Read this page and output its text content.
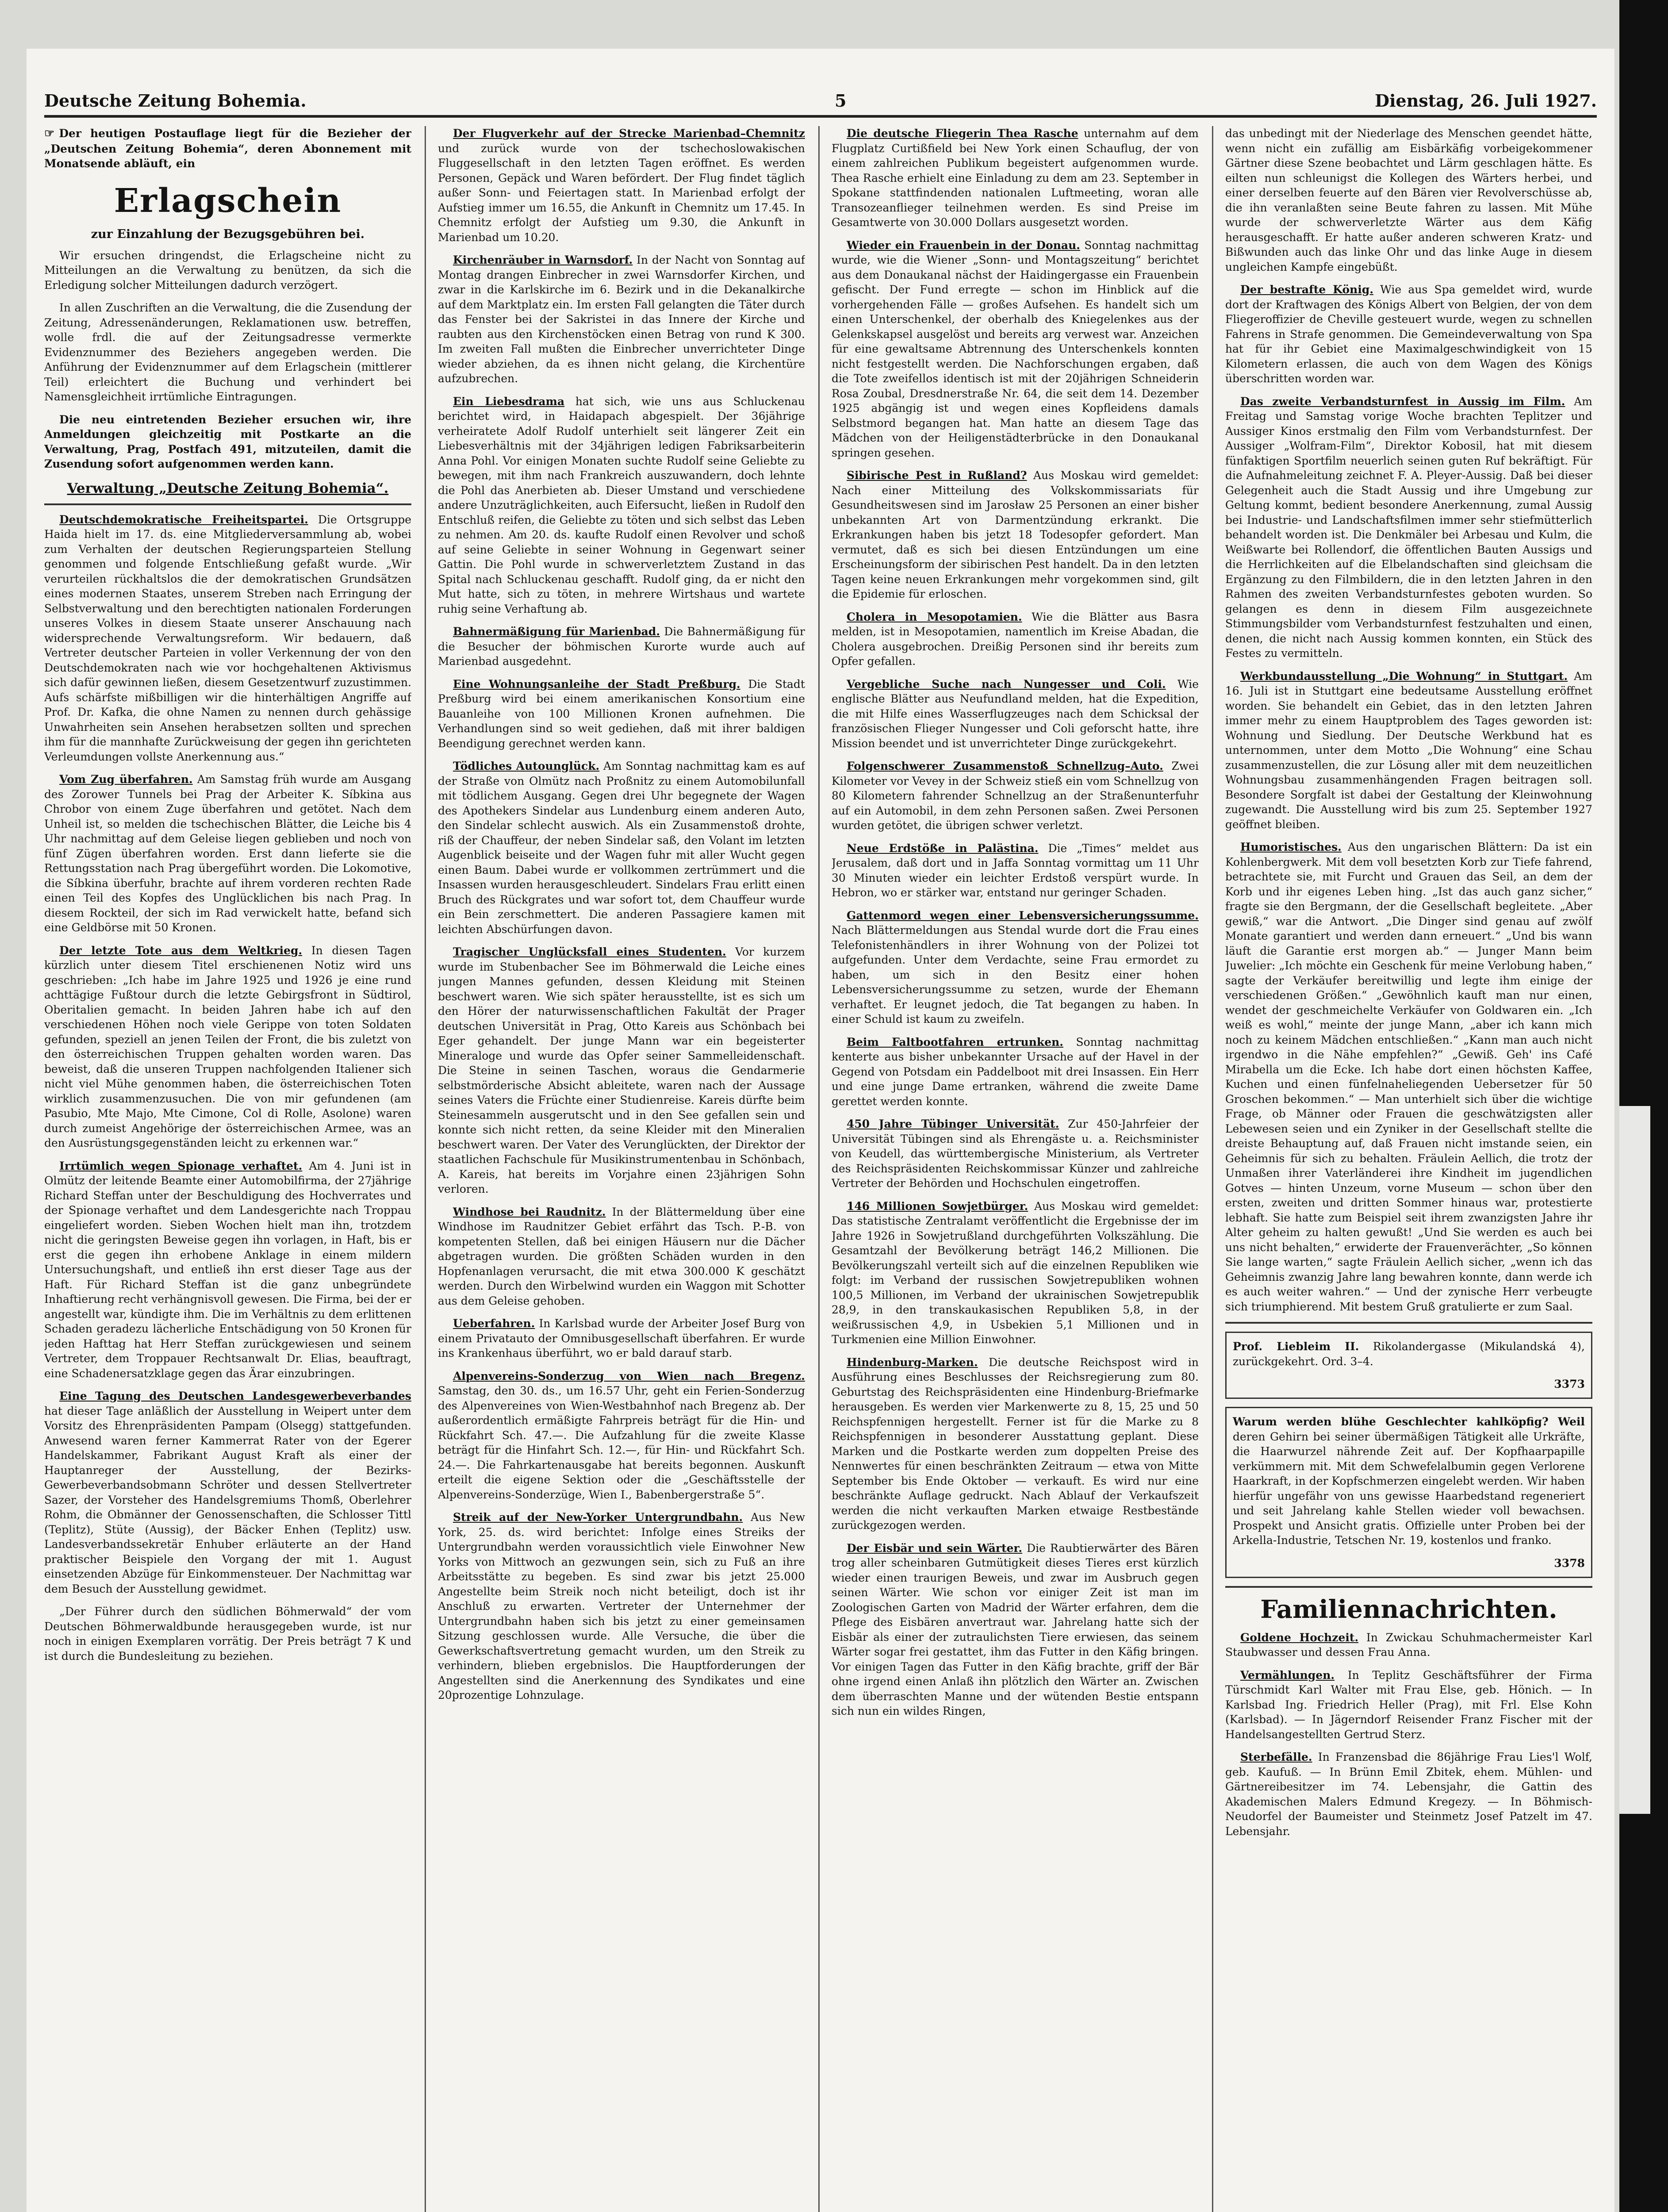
Deutsche Zeitung Bohemia.	5	Dienstag, 26. Juli 1927.

☞ Der heutigen Postauflage liegt für die Bezieher der „Deutschen Zeitung Bohemia“, deren Abonnement mit Monatsende abläuft, ein

Erlagschein
zur Einzahlung der Bezugsgebühren bei.

Wir ersuchen dringendst, die Erlagscheine nicht zu Mitteilungen an die Verwaltung zu benützen, da sich die Erledigung solcher Mitteilungen dadurch verzögert.

In allen Zuschriften an die Verwaltung, die die Zusendung der Zeitung, Adressenänderungen, Reklamationen usw. betreffen, wolle frdl. die auf der Zeitungsadresse vermerkte Evidenznummer des Beziehers angegeben werden. Die Anführung der Evidenznummer auf dem Erlagschein (mittlerer Teil) erleichtert die Buchung und verhindert bei Namensgleichheit irrtümliche Eintragungen.

Die neu eintretenden Bezieher ersuchen wir, ihre Anmeldungen gleichzeitig mit Postkarte an die Verwaltung, Prag, Postfach 491, mitzuteilen, damit die Zusendung sofort aufgenommen werden kann.

Verwaltung „Deutsche Zeitung Bohemia“.

Deutschdemokratische Freiheitspartei. Die Ortsgruppe Haida hielt im 17. ds. eine Mitgliederversammlung ab, wobei zum Verhalten der deutschen Regierungsparteien Stellung genommen und folgende Entschließung gefaßt wurde. „Wir verurteilen rückhaltslos die der demokratischen Grundsätzen eines modernen Staates, unserem Streben nach Erringung der Selbstverwaltung und den berechtigten nationalen Forderungen unseres Volkes in diesem Staate unserer Anschauung nach widersprechende Verwaltungsreform. Wir bedauern, daß Vertreter deutscher Parteien in voller Verkennung der von den Deutschdemokraten nach wie vor hochgehaltenen Aktivismus sich dafür gewinnen ließen, diesem Gesetzentwurf zuzustimmen. Aufs schärfste mißbilligen wir die hinterhältigen Angriffe auf Prof. Dr. Kafka, die ohne Namen zu nennen durch gehässige Unwahrheiten sein Ansehen herabsetzen sollten und sprechen ihm für die mannhafte Zurückweisung der gegen ihn gerichteten Verleumdungen vollste Anerkennung aus.“

Vom Zug überfahren. Am Samstag früh wurde am Ausgang des Zorower Tunnels bei Prag der Arbeiter K. Síbkina aus Chrobor von einem Zuge überfahren und getötet. Nach dem Unheil ist, so melden die tschechischen Blätter, die Leiche bis 4 Uhr nachmittag auf dem Geleise liegen geblieben und noch von fünf Zügen überfahren worden. Erst dann lieferte sie die Rettungsstation nach Prag übergeführt worden. Die Lokomotive, die Síbkina überfuhr, brachte auf ihrem vorderen rechten Rade einen Teil des Kopfes des Unglücklichen bis nach Prag. In diesem Rockteil, der sich im Rad verwickelt hatte, befand sich eine Geldbörse mit 50 Kronen.

Der letzte Tote aus dem Weltkrieg. In diesen Tagen kürzlich unter diesem Titel erschienenen Notiz wird uns geschrieben: „Ich habe im Jahre 1925 und 1926 je eine rund achttägige Fußtour durch die letzte Gebirgsfront in Südtirol, Oberitalien gemacht. In beiden Jahren habe ich auf den verschiedenen Höhen noch viele Gerippe von toten Soldaten gefunden, speziell an jenen Teilen der Front, die bis zuletzt von den österreichischen Truppen gehalten worden waren. Das beweist, daß die unseren Truppen nachfolgenden Italiener sich nicht viel Mühe genommen haben, die österreichischen Toten wirklich zusammenzusuchen. Die von mir gefundenen (am Pasubio, Mte Majo, Mte Cimone, Col di Rolle, Asolone) waren durch zumeist Angehörige der österreichischen Armee, was an den Ausrüstungsgegenständen leicht zu erkennen war.“

Irrtümlich wegen Spionage verhaftet. Am 4. Juni ist in Olmütz der leitende Beamte einer Automobilfirma, der 27jährige Richard Steffan unter der Beschuldigung des Hochverrates und der Spionage verhaftet und dem Landesgerichte nach Troppau eingeliefert worden. Sieben Wochen hielt man ihn, trotzdem nicht die geringsten Beweise gegen ihn vorlagen, in Haft, bis er erst die gegen ihn erhobene Anklage in einem mildern Untersuchungshaft, und entließ ihn erst dieser Tage aus der Haft. Für Richard Steffan ist die ganz unbegründete Inhaftierung recht verhängnisvoll gewesen. Die Firma, bei der er angestellt war, kündigte ihm. Die im Verhältnis zu dem erlittenen Schaden geradezu lächerliche Entschädigung von 50 Kronen für jeden Hafttag hat Herr Steffan zurückgewiesen und seinem Vertreter, dem Troppauer Rechtsanwalt Dr. Elias, beauftragt, eine Schadenersatzklage gegen das Ärar einzubringen.

Eine Tagung des Deutschen Landesgewerbeverbandes hat dieser Tage anläßlich der Ausstellung in Weipert unter dem Vorsitz des Ehrenpräsidenten Pampam (Olsegg) stattgefunden. Anwesend waren ferner Kammerrat Rater von der Egerer Handelskammer, Fabrikant August Kraft als einer der Hauptanreger der Ausstellung, der Bezirks-Gewerbeverbandsobmann Schröter und dessen Stellvertreter Sazer, der Vorsteher des Handelsgremiums Thomß, Oberlehrer Rohm, die Obmänner der Genossenschaften, die Schlosser Tittl (Teplitz), Stüte (Aussig), der Bäcker Enhen (Teplitz) usw. Landesverbandssekretär Enhuber erläuterte an der Hand praktischer Beispiele den Vorgang der mit 1. August einsetzenden Abzüge für Einkommensteuer. Der Nachmittag war dem Besuch der Ausstellung gewidmet.

„Der Führer durch den südlichen Böhmerwald“ der vom Deutschen Böhmerwaldbunde herausgegeben wurde, ist nur noch in einigen Exemplaren vorrätig. Der Preis beträgt 7 K und ist durch die Bundesleitung zu beziehen.

Der Flugverkehr auf der Strecke Marienbad–Chemnitz und zurück wurde von der tschechoslowakischen Fluggesellschaft in den letzten Tagen eröffnet. Es werden Personen, Gepäck und Waren befördert. Der Flug findet täglich außer Sonn- und Feiertagen statt. In Marienbad erfolgt der Aufstieg immer um 16.55, die Ankunft in Chemnitz um 17.45. In Chemnitz erfolgt der Aufstieg um 9.30, die Ankunft in Marienbad um 10.20.

Kirchenräuber in Warnsdorf. In der Nacht von Sonntag auf Montag drangen Einbrecher in zwei Warnsdorfer Kirchen, und zwar in die Karlskirche im 6. Bezirk und in die Dekanalkirche auf dem Marktplatz ein. Im ersten Fall gelangten die Täter durch das Fenster bei der Sakristei in das Innere der Kirche und raubten aus den Kirchenstöcken einen Betrag von rund K 300. Im zweiten Fall mußten die Einbrecher unverrichteter Dinge wieder abziehen, da es ihnen nicht gelang, die Kirchentüre aufzubrechen.

Ein Liebesdrama hat sich, wie uns aus Schluckenau berichtet wird, in Haidapach abgespielt. Der 36jährige verheiratete Adolf Rudolf unterhielt seit längerer Zeit ein Liebesverhältnis mit der 34jährigen ledigen Fabriksarbeiterin Anna Pohl. Vor einigen Monaten suchte Rudolf seine Geliebte zu bewegen, mit ihm nach Frankreich auszuwandern, doch lehnte die Pohl das Anerbieten ab. Dieser Umstand und verschiedene andere Unzuträglichkeiten, auch Eifersucht, ließen in Rudolf den Entschluß reifen, die Geliebte zu töten und sich selbst das Leben zu nehmen. Am 20. ds. kaufte Rudolf einen Revolver und schoß auf seine Geliebte in seiner Wohnung in Gegenwart seiner Gattin. Die Pohl wurde in schwerverletztem Zustand in das Spital nach Schluckenau geschafft. Rudolf ging, da er nicht den Mut hatte, sich zu töten, in mehrere Wirtshaus und wartete ruhig seine Verhaftung ab.

Bahnermäßigung für Marienbad. Die Bahnermäßigung für die Besucher der böhmischen Kurorte wurde auch auf Marienbad ausgedehnt.

Eine Wohnungsanleihe der Stadt Preßburg. Die Stadt Preßburg wird bei einem amerikanischen Konsortium eine Bauanleihe von 100 Millionen Kronen aufnehmen. Die Verhandlungen sind so weit gediehen, daß mit ihrer baldigen Beendigung gerechnet werden kann.

Tödliches Autounglück. Am Sonntag nachmittag kam es auf der Straße von Olmütz nach Proßnitz zu einem Automobilunfall mit tödlichem Ausgang. Gegen drei Uhr begegnete der Wagen des Apothekers Sindelar aus Lundenburg einem anderen Auto, den Sindelar schlecht auswich. Als ein Zusammenstoß drohte, riß der Chauffeur, der neben Sindelar saß, den Volant im letzten Augenblick beiseite und der Wagen fuhr mit aller Wucht gegen einen Baum. Dabei wurde er vollkommen zertrümmert und die Insassen wurden herausgeschleudert. Sindelars Frau erlitt einen Bruch des Rückgrates und war sofort tot, dem Chauffeur wurde ein Bein zerschmettert. Die anderen Passagiere kamen mit leichten Abschürfungen davon.

Tragischer Unglücksfall eines Studenten. Vor kurzem wurde im Stubenbacher See im Böhmerwald die Leiche eines jungen Mannes gefunden, dessen Kleidung mit Steinen beschwert waren. Wie sich später herausstellte, ist es sich um den Hörer der naturwissenschaftlichen Fakultät der Prager deutschen Universität in Prag, Otto Kareis aus Schönbach bei Eger gehandelt. Der junge Mann war ein begeisterter Mineraloge und wurde das Opfer seiner Sammelleidenschaft. Die Steine in seinen Taschen, woraus die Gendarmerie selbstmörderische Absicht ableitete, waren nach der Aussage seines Vaters die Früchte einer Studienreise. Kareis dürfte beim Steinesammeln ausgerutscht und in den See gefallen sein und konnte sich nicht retten, da seine Kleider mit den Mineralien beschwert waren. Der Vater des Verunglückten, der Direktor der staatlichen Fachschule für Musikinstrumentenbau in Schönbach, A. Kareis, hat bereits im Vorjahre einen 23jährigen Sohn verloren.

Windhose bei Raudnitz. In der Blättermeldung über eine Windhose im Raudnitzer Gebiet erfährt das Tsch. P.-B. von kompetenten Stellen, daß bei einigen Häusern nur die Dächer abgetragen wurden. Die größten Schäden wurden in den Hopfenanlagen verursacht, die mit etwa 300.000 K geschätzt werden. Durch den Wirbelwind wurden ein Waggon mit Schotter aus dem Geleise gehoben.

Ueberfahren. In Karlsbad wurde der Arbeiter Josef Burg von einem Privatauto der Omnibusgesellschaft überfahren. Er wurde ins Krankenhaus überführt, wo er bald darauf starb.

Alpenvereins-Sonderzug von Wien nach Bregenz. Samstag, den 30. ds., um 16.57 Uhr, geht ein Ferien-Sonderzug des Alpenvereines von Wien-Westbahnhof nach Bregenz ab. Der außerordentlich ermäßigte Fahrpreis beträgt für die Hin- und Rückfahrt Sch. 47.—. Die Aufzahlung für die zweite Klasse beträgt für die Hinfahrt Sch. 12.—, für Hin- und Rückfahrt Sch. 24.—. Die Fahrkartenausgabe hat bereits begonnen. Auskunft erteilt die eigene Sektion oder die „Geschäftsstelle der Alpenvereins-Sonderzüge, Wien I., Babenbergerstraße 5“.

Streik auf der New-Yorker Untergrundbahn. Aus New York, 25. ds. wird berichtet: Infolge eines Streiks der Untergrundbahn werden voraussichtlich viele Einwohner New Yorks von Mittwoch an gezwungen sein, sich zu Fuß an ihre Arbeitsstätte zu begeben. Es sind zwar bis jetzt 25.000 Angestellte beim Streik noch nicht beteiligt, doch ist ihr Anschluß zu erwarten. Vertreter der Unternehmer der Untergrundbahn haben sich bis jetzt zu einer gemeinsamen Sitzung geschlossen wurde. Alle Versuche, die über die Gewerkschaftsvertretung gemacht wurden, um den Streik zu verhindern, blieben ergebnislos. Die Hauptforderungen der Angestellten sind die Anerkennung des Syndikates und eine 20prozentige Lohnzulage.

Die deutsche Fliegerin Thea Rasche unternahm auf dem Flugplatz Curtißfield bei New York einen Schauflug, der von einem zahlreichen Publikum begeistert aufgenommen wurde. Thea Rasche erhielt eine Einladung zu dem am 23. September in Spokane stattfindenden nationalen Luftmeeting, woran alle Transozeanflieger teilnehmen werden. Es sind Preise im Gesamtwerte von 30.000 Dollars ausgesetzt worden.

Wieder ein Frauenbein in der Donau. Sonntag nachmittag wurde, wie die Wiener „Sonn- und Montagszeitung“ berichtet aus dem Donaukanal nächst der Haidingergasse ein Frauenbein gefischt. Der Fund erregte — schon im Hinblick auf die vorhergehenden Fälle — großes Aufsehen. Es handelt sich um einen Unterschenkel, der oberhalb des Kniegelenkes aus der Gelenkskapsel ausgelöst und bereits arg verwest war. Anzeichen für eine gewaltsame Abtrennung des Unterschenkels konnten nicht festgestellt werden. Die Nachforschungen ergaben, daß die Tote zweifellos identisch ist mit der 20jährigen Schneiderin Rosa Zoubal, Dresdnerstraße Nr. 64, die seit dem 14. Dezember 1925 abgängig ist und wegen eines Kopfleidens damals Selbstmord begangen hat. Man hatte an diesem Tage das Mädchen von der Heiligenstädterbrücke in den Donaukanal springen gesehen.

Sibirische Pest in Rußland? Aus Moskau wird gemeldet: Nach einer Mitteilung des Volkskommissariats für Gesundheitswesen sind im Jarosław 25 Personen an einer bisher unbekannten Art von Darmentzündung erkrankt. Die Erkrankungen haben bis jetzt 18 Todesopfer gefordert. Man vermutet, daß es sich bei diesen Entzündungen um eine Erscheinungsform der sibirischen Pest handelt. Da in den letzten Tagen keine neuen Erkrankungen mehr vorgekommen sind, gilt die Epidemie für erloschen.

Cholera in Mesopotamien. Wie die Blätter aus Basra melden, ist in Mesopotamien, namentlich im Kreise Abadan, die Cholera ausgebrochen. Dreißig Personen sind ihr bereits zum Opfer gefallen.

Vergebliche Suche nach Nungesser und Coli. Wie englische Blätter aus Neufundland melden, hat die Expedition, die mit Hilfe eines Wasserflugzeuges nach dem Schicksal der französischen Flieger Nungesser und Coli geforscht hatte, ihre Mission beendet und ist unverrichteter Dinge zurückgekehrt.

Folgenschwerer Zusammenstoß Schnellzug–Auto. Zwei Kilometer vor Vevey in der Schweiz stieß ein vom Schnellzug von 80 Kilometern fahrender Schnellzug an der Straßenunterfuhr auf ein Automobil, in dem zehn Personen saßen. Zwei Personen wurden getötet, die übrigen schwer verletzt.

Neue Erdstöße in Palästina. Die „Times“ meldet aus Jerusalem, daß dort und in Jaffa Sonntag vormittag um 11 Uhr 30 Minuten wieder ein leichter Erdstoß verspürt wurde. In Hebron, wo er stärker war, entstand nur geringer Schaden.

Gattenmord wegen einer Lebensversicherungssumme. Nach Blättermeldungen aus Stendal wurde dort die Frau eines Telefonistenhändlers in ihrer Wohnung von der Polizei tot aufgefunden. Unter dem Verdachte, seine Frau ermordet zu haben, um sich in den Besitz einer hohen Lebensversicherungssumme zu setzen, wurde der Ehemann verhaftet. Er leugnet jedoch, die Tat begangen zu haben. In einer Schuld ist kaum zu zweifeln.

Beim Faltbootfahren ertrunken. Sonntag nachmittag kenterte aus bisher unbekannter Ursache auf der Havel in der Gegend von Potsdam ein Paddelboot mit drei Insassen. Ein Herr und eine junge Dame ertranken, während die zweite Dame gerettet werden konnte.

450 Jahre Tübinger Universität. Zur 450-Jahrfeier der Universität Tübingen sind als Ehrengäste u. a. Reichsminister von Keudell, das württembergische Ministerium, als Vertreter des Reichspräsidenten Reichskommissar Künzer und zahlreiche Vertreter der Behörden und Hochschulen eingetroffen.

146 Millionen Sowjetbürger. Aus Moskau wird gemeldet: Das statistische Zentralamt veröffentlicht die Ergebnisse der im Jahre 1926 in Sowjetrußland durchgeführten Volkszählung. Die Gesamtzahl der Bevölkerung beträgt 146,2 Millionen. Die Bevölkerungszahl verteilt sich auf die einzelnen Republiken wie folgt: im Verband der russischen Sowjetrepubliken wohnen 100,5 Millionen, im Verband der ukrainischen Sowjetrepublik 28,9, in den transkaukasischen Republiken 5,8, in der weißrussischen 4,9, in Usbekien 5,1 Millionen und in Turkmenien eine Million Einwohner.

Hindenburg-Marken. Die deutsche Reichspost wird in Ausführung eines Beschlusses der Reichsregierung zum 80. Geburtstag des Reichspräsidenten eine Hindenburg-Briefmarke herausgeben. Es werden vier Markenwerte zu 8, 15, 25 und 50 Reichspfennigen hergestellt. Ferner ist für die Marke zu 8 Reichspfennigen in besonderer Ausstattung geplant. Diese Marken und die Postkarte werden zum doppelten Preise des Nennwertes für einen beschränkten Zeitraum — etwa von Mitte September bis Ende Oktober — verkauft. Es wird nur eine beschränkte Auflage gedruckt. Nach Ablauf der Verkaufszeit werden die nicht verkauften Marken etwaige Restbestände zurückgezogen werden.

Der Eisbär und sein Wärter. Die Raubtierwärter des Bären trog aller scheinbaren Gutmütigkeit dieses Tieres erst kürzlich wieder einen traurigen Beweis, und zwar im Ausbruch gegen seinen Wärter. Wie schon vor einiger Zeit ist man im Zoologischen Garten von Madrid der Wärter erfahren, dem die Pflege des Eisbären anvertraut war. Jahrelang hatte sich der Eisbär als einer der zutraulichsten Tiere erwiesen, das seinem Wärter sogar frei gestattet, ihm das Futter in den Käfig bringen. Vor einigen Tagen das Futter in den Käfig brachte, griff der Bär ohne irgend einen Anlaß ihn plötzlich den Wärter an. Zwischen dem überraschten Manne und der wütenden Bestie entspann sich nun ein wildes Ringen,

das unbedingt mit der Niederlage des Menschen geendet hätte, wenn nicht ein zufällig am Eisbärkäfig vorbeigekommener Gärtner diese Szene beobachtet und Lärm geschlagen hätte. Es eilten nun schleunigst die Kollegen des Wärters herbei, und einer derselben feuerte auf den Bären vier Revolverschüsse ab, die ihn veranlaßten seine Beute fahren zu lassen. Mit Mühe wurde der schwerverletzte Wärter aus dem Käfig herausgeschafft. Er hatte außer anderen schweren Kratz- und Bißwunden auch das linke Ohr und das linke Auge in diesem ungleichen Kampfe eingebüßt.

Der bestrafte König. Wie aus Spa gemeldet wird, wurde dort der Kraftwagen des Königs Albert von Belgien, der von dem Fliegeroffizier de Cheville gesteuert wurde, wegen zu schnellen Fahrens in Strafe genommen. Die Gemeindeverwaltung von Spa hat für ihr Gebiet eine Maximalgeschwindigkeit von 15 Kilometern erlassen, die auch von dem Wagen des Königs überschritten worden war.

Das zweite Verbandsturnfest in Aussig im Film. Am Freitag und Samstag vorige Woche brachten Teplitzer und Aussiger Kinos erstmalig den Film vom Verbandsturnfest. Der Aussiger „Wolfram-Film“, Direktor Kobosil, hat mit diesem fünfaktigen Sportfilm neuerlich seinen guten Ruf bekräftigt. Für die Aufnahmeleitung zeichnet F. A. Pleyer-Aussig. Daß bei dieser Gelegenheit auch die Stadt Aussig und ihre Umgebung zur Geltung kommt, bedient besondere Anerkennung, zumal Aussig bei Industrie- und Landschaftsfilmen immer sehr stiefmütterlich behandelt worden ist. Die Denkmäler bei Arbesau und Kulm, die Weißwarte bei Rollendorf, die öffentlichen Bauten Aussigs und die Herrlichkeiten auf die Elbelandschaften sind gleichsam die Ergänzung zu den Filmbildern, die in den letzten Jahren in den Rahmen des zweiten Verbandsturnfestes geboten wurden. So gelangen es denn in diesem Film ausgezeichnete Stimmungsbilder vom Verbandsturnfest festzuhalten und einen, denen, die nicht nach Aussig kommen konnten, ein Stück des Festes zu vermitteln.

Werkbundausstellung „Die Wohnung“ in Stuttgart. Am 16. Juli ist in Stuttgart eine bedeutsame Ausstellung eröffnet worden. Sie behandelt ein Gebiet, das in den letzten Jahren immer mehr zu einem Hauptproblem des Tages geworden ist: Wohnung und Siedlung. Der Deutsche Werkbund hat es unternommen, unter dem Motto „Die Wohnung“ eine Schau zusammenzustellen, die zur Lösung aller mit dem neuzeitlichen Wohnungsbau zusammenhängenden Fragen beitragen soll. Besondere Sorgfalt ist dabei der Gestaltung der Kleinwohnung zugewandt. Die Ausstellung wird bis zum 25. September 1927 geöffnet bleiben.

Humoristisches. Aus den ungarischen Blättern: Da ist ein Kohlenbergwerk. Mit dem voll besetzten Korb zur Tiefe fahrend, betrachtete sie, mit Furcht und Grauen das Seil, an dem der Korb und ihr eigenes Leben hing. „Ist das auch ganz sicher,“ fragte sie den Bergmann, der die Gesellschaft begleitete. „Aber gewiß,“ war die Antwort. „Die Dinger sind genau auf zwölf Monate garantiert und werden dann erneuert.“ „Und bis wann läuft die Garantie erst morgen ab.“ — Junger Mann beim Juwelier: „Ich möchte ein Geschenk für meine Verlobung haben,“ sagte der Verkäufer bereitwillig und legte ihm einige der verschiedenen Größen.“ „Gewöhnlich kauft man nur einen, wendet der geschmeichelte Verkäufer von Goldwaren ein. „Ich weiß es wohl,“ meinte der junge Mann, „aber ich kann mich noch zu keinem Mädchen entschließen.“ „Kann man auch nicht irgendwo in die Nähe empfehlen?“ „Gewiß. Geh' ins Café Mirabella um die Ecke. Ich habe dort einen höchsten Kaffee, Kuchen und einen fünfelnaheliegenden Uebersetzer für 50 Groschen bekommen.“ — Man unterhielt sich über die wichtige Frage, ob Männer oder Frauen die geschwätzigsten aller Lebewesen seien und ein Zyniker in der Gesellschaft stellte die dreiste Behauptung auf, daß Frauen nicht imstande seien, ein Geheimnis für sich zu behalten. Fräulein Aellich, die trotz der Unmaßen ihrer Vaterländerei ihre Kindheit im jugendlichen Gotves — hinten Unzeum, vorne Museum — schon über den ersten, zweiten und dritten Sommer hinaus war, protestierte lebhaft. Sie hatte zum Beispiel seit ihrem zwanzigsten Jahre ihr Alter geheim zu halten gewußt! „Und Sie werden es auch bei uns nicht behalten,“ erwiderte der Frauenverächter, „So können Sie lange warten,“ sagte Fräulein Aellich sicher, „wenn ich das Geheimnis zwanzig Jahre lang bewahren konnte, dann werde ich es auch weiter wahren.“ — Und der zynische Herr verbeugte sich triumphierend. Mit bestem Gruß gratulierte er zum Saal.

Prof. Liebleim II. Rikolandergasse (Mikulandská 4), zurückgekehrt. Ord. 3–4.

3373

Warum werden blühe Geschlechter kahlköpfig? Weil deren Gehirn bei seiner übermäßigen Tätigkeit alle Urkräfte, die Haarwurzel nährende Zeit auf. Der Kopfhaarpapille verkümmern mit. Mit dem Schwefelalbumin gegen Verlorene Haarkraft, in der Kopfschmerzen eingelebt werden. Wir haben hierfür ungefähr von uns gewisse Haarbedstand regeneriert und seit Jahrelang kahle Stellen wieder voll bewachsen. Prospekt und Ansicht gratis. Offizielle unter Proben bei der Arkella-Industrie, Tetschen Nr. 19, kostenlos und franko.

3378
Familiennachrichten.

Goldene Hochzeit. In Zwickau Schuhmachermeister Karl Staubwasser und dessen Frau Anna.

Vermählungen. In Teplitz Geschäftsführer der Firma Türschmidt Karl Walter mit Frau Else, geb. Hönich. — In Karlsbad Ing. Friedrich Heller (Prag), mit Frl. Else Kohn (Karlsbad). — In Jägerndorf Reisender Franz Fischer mit der Handelsangestellten Gertrud Sterz.

Sterbefälle. In Franzensbad die 86jährige Frau Lies'l Wolf, geb. Kaufuß. — In Brünn Emil Zbitek, ehem. Mühlen- und Gärtnereibesitzer im 74. Lebensjahr, die Gattin des Akademischen Malers Edmund Kregezy. — In Böhmisch-Neudorfel der Baumeister und Steinmetz Josef Patzelt im 47. Lebensjahr.
